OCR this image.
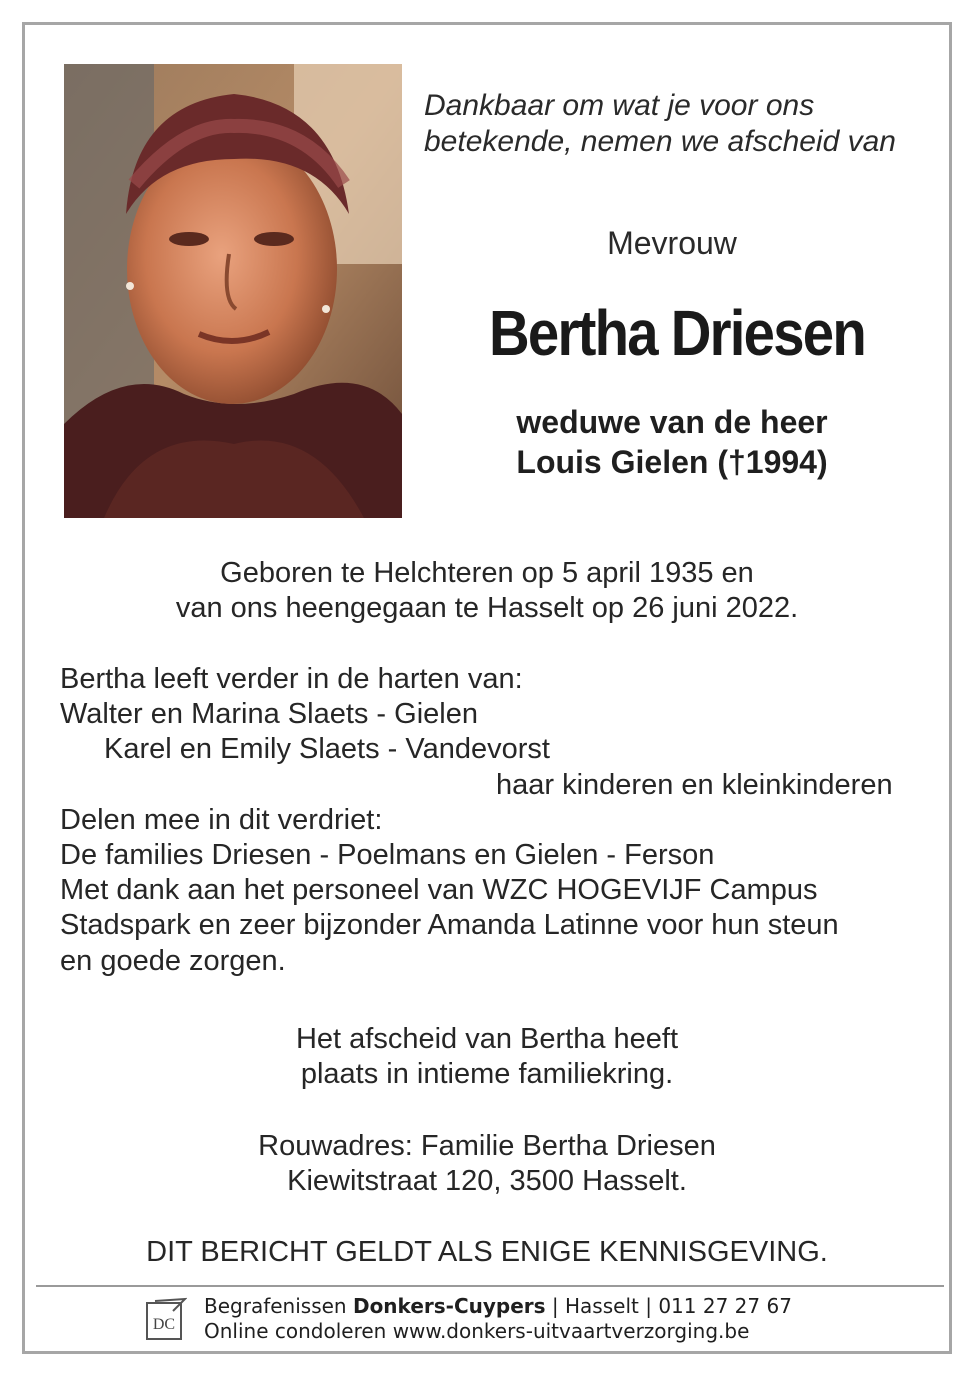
Dankbaar om wat je voor ons
betekende, nemen we afscheid van
Mevrouw
Bertha Driesen
weduwe van de heer
Louis Gielen (†1994)
Geboren te Helchteren op 5 april 1935 en
van ons heengegaan te Hasselt op 26 juni 2022.
Bertha leeft verder in de harten van:
Walter en Marina Slaets - Gielen
Karel en Emily Slaets - Vandevorst
haar kinderen en kleinkinderen
Delen mee in dit verdriet:
De families Driesen - Poelmans en Gielen - Ferson
Met dank aan het personeel van WZC HOGEVIJF Campus
Stadspark en zeer bijzonder Amanda Latinne voor hun steun
en goede zorgen.
Het afscheid van Bertha heeft
plaats in intieme familiekring.
Rouwadres: Familie Bertha Driesen
Kiewitstraat 120, 3500 Hasselt.
DIT BERICHT GELDT ALS ENIGE KENNISGEVING.
DC
Begrafenissen Donkers-Cuypers | Hasselt | 011 27 27 67
Online condoleren www.donkers-uitvaartverzorging.be
